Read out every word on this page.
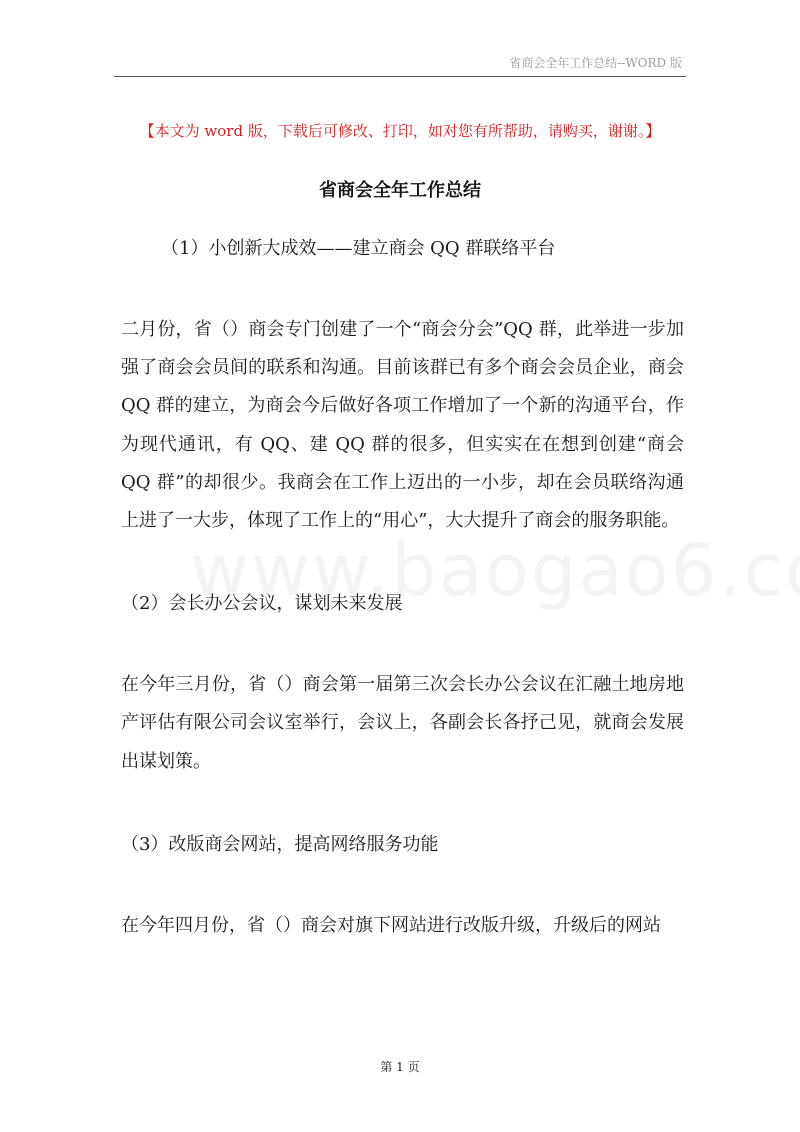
省商会全年工作总结--WORD 版
【本文为 word 版，下载后可修改、打印，如对您有所帮助，请购买，谢谢。】
省商会全年工作总结

（1）小创新大成效——建立商会 QQ 群联络平台

二月份，省（）商会专门创建了一个“商会分会”QQ 群，此举进一步加强了商会会员间的联系和沟通。目前该群已有多个商会会员企业，商会 QQ 群的建立，为商会今后做好各项工作增加了一个新的沟通平台，作为现代通讯，有 QQ、建 QQ 群的很多，但实实在在想到创建“商会 QQ 群”的却很少。我商会在工作上迈出的一小步，却在会员联络沟通上进了一大步，体现了工作上的“用心”，大大提升了商会的服务职能。

（2）会长办公会议，谋划未来发展

在今年三月份，省（）商会第一届第三次会长办公会议在汇融土地房地产评估有限公司会议室举行，会议上，各副会长各抒己见，就商会发展出谋划策。

（3）改版商会网站，提高网络服务功能

在今年四月份，省（）商会对旗下网站进行改版升级，升级后的网站

第 1 页
